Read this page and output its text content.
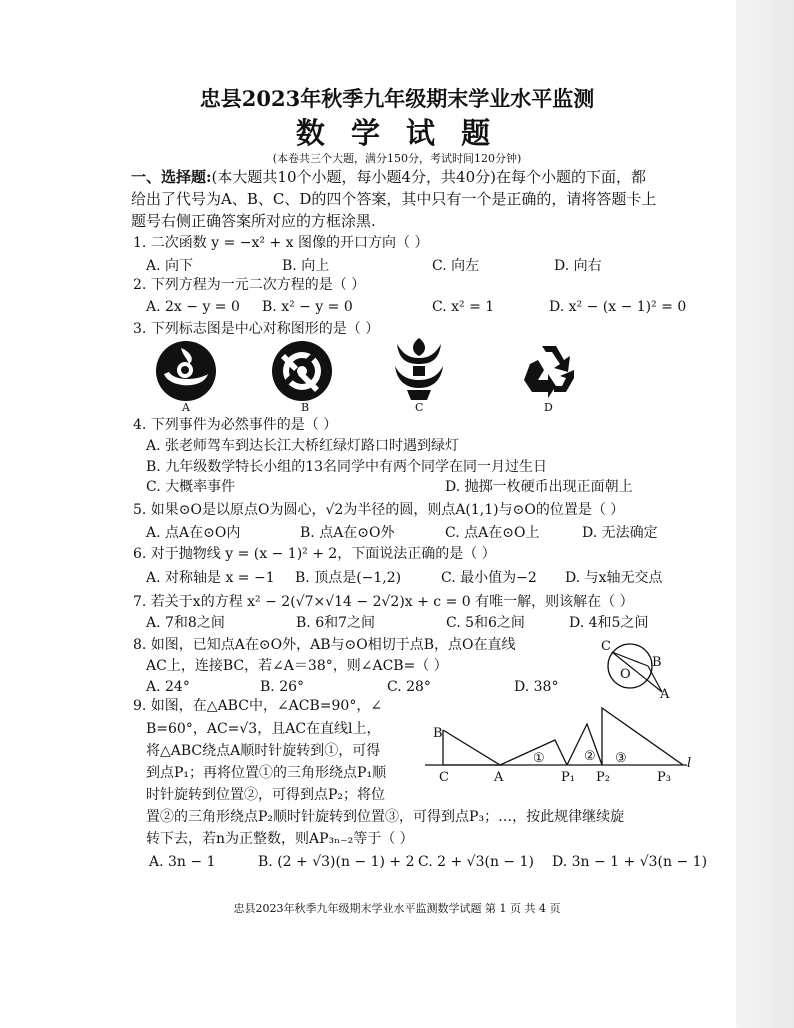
忠县2023年秋季九年级期末学业水平监测
数 学 试 题
(本卷共三个大题，满分150分，考试时间120分钟)
一、选择题:(本大题共10个小题，每小题4分，共40分)在每个小题的下面，都
给出了代号为A、B、C、D的四个答案，其中只有一个是正确的，请将答题卡上
题号右侧正确答案所对应的方框涂黑.
1. 二次函数 y = −x² + x 图像的开口方向（ ）
A. 向下	B. 向上	C. 向左	D. 向右
2. 下列方程为一元二次方程的是（ ）
A. 2x − y = 0 B. x² − y = 0	C. x² = 1	D. x² − (x − 1)² = 0
3. 下列标志图是中心对称图形的是（ ）
A	B	C	D
4. 下列事件为必然事件的是（ ）
A. 张老师驾车到达长江大桥红绿灯路口时遇到绿灯
B. 九年级数学特长小组的13名同学中有两个同学在同一月过生日
C. 大概率事件	D. 抛掷一枚硬币出现正面朝上
5. 如果⊙O是以原点O为圆心，√2为半径的圆，则点A(1,1)与⊙O的位置是（ ）
A. 点A在⊙O内	B. 点A在⊙O外	C. 点A在⊙O上	D. 无法确定
6. 对于抛物线 y = (x − 1)² + 2，下面说法正确的是（ ）
A. 对称轴是 x = −1 B. 顶点是(−1,2)	C. 最小值为−2 D. 与x轴无交点
7. 若关于x的方程 x² − 2(√7×√14 − 2√2)x + c = 0 有唯一解，则该解在（ ）
A. 7和8之间	B. 6和7之间	C. 5和6之间	D. 4和5之间
8. 如图，已知点A在⊙O外，AB与⊙O相切于点B，点O在直线
AC上，连接BC，若∠A＝38°，则∠ACB=（ ）
A. 24°	B. 26°	C. 28°	D. 38°
C
B
O
A
9. 如图，在△ABC中，∠ACB=90°，∠
B=60°，AC=√3，且AC在直线l上，
将△ABC绕点A顺时针旋转到①，可得
到点P₁；再将位置①的三角形绕点P₁顺
时针旋转到位置②，可得到点P₂；将位
置②的三角形绕点P₂顺时针旋转到位置③，可得到点P₃；…，按此规律继续旋
转下去，若n为正整数，则AP₃ₙ₋₂等于（ ）
A. 3n − 1	B. (2 + √3)(n − 1) + 2 C. 2 + √3(n − 1) D. 3n − 1 + √3(n − 1)
B
C	A	P₁ P₂	P₃
l
①	② ③
忠县2023年秋季九年级期末学业水平监测数学试题 第 1 页 共 4 页
